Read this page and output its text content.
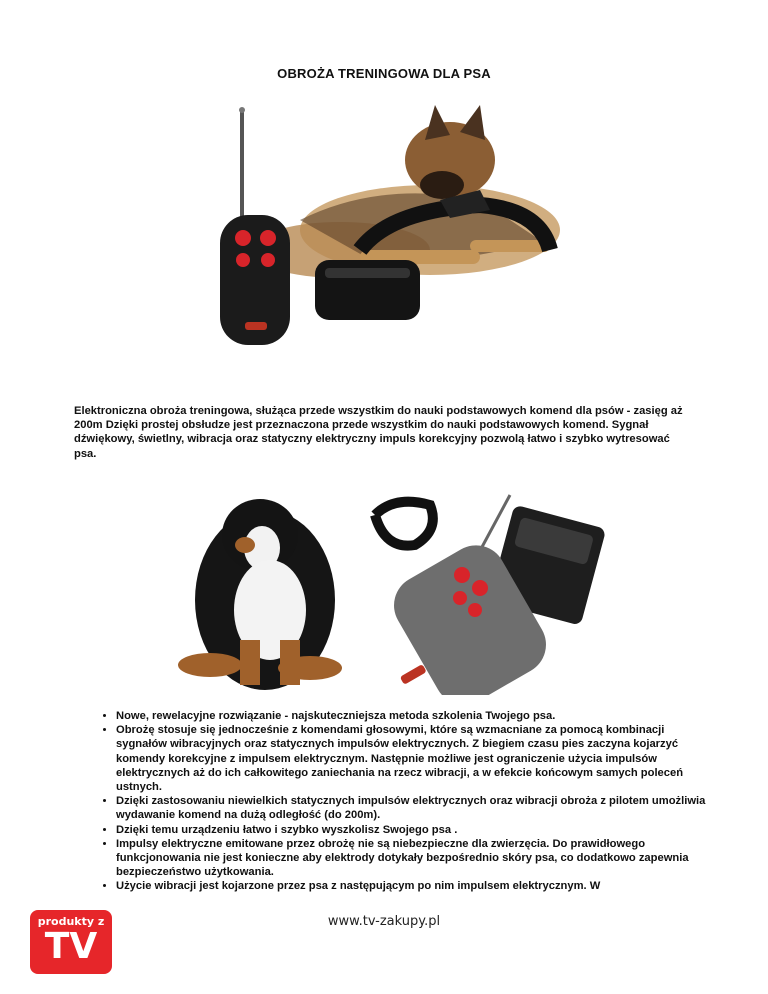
OBROŻA TRENINGOWA DLA PSA
Elektroniczna obroża treningowa, służąca przede wszystkim do nauki podstawowych komend dla psów - zasięg aż 200m Dzięki prostej obsłudze jest przeznaczona przede wszystkim do nauki podstawowych komend. Sygnał dźwiękowy, świetlny, wibracja oraz statyczny elektryczny impuls korekcyjny pozwolą łatwo i szybko wytresować psa.
• Nowe, rewelacyjne rozwiązanie - najskuteczniejsza metoda szkolenia Twojego psa.
• Obrożę stosuje się jednocześnie z komendami głosowymi, które są wzmacniane za pomocą kombinacji sygnałów wibracyjnych oraz statycznych impulsów elektrycznych. Z biegiem czasu pies zaczyna kojarzyć komendy korekcyjne z impulsem elektrycznym. Następnie możliwe jest ograniczenie użycia impulsów elektrycznych aż do ich całkowitego zaniechania na rzecz wibracji, a w efekcie końcowym samych poleceń ustnych.
• Dzięki zastosowaniu niewielkich statycznych impulsów elektrycznych oraz wibracji obroża z pilotem umożliwia wydawanie komend na dużą odległość (do 200m).
• Dzięki temu urządzeniu łatwo i szybko wyszkolisz Swojego psa .
• Impulsy elektryczne emitowane przez obrożę nie są niebezpieczne dla zwierzęcia. Do prawidłowego funkcjonowania nie jest konieczne aby elektrody dotykały bezpośrednio skóry psa, co dodatkowo zapewnia bezpieczeństwo użytkowania.
• Użycie wibracji jest kojarzone przez psa z następującym po nim impulsem elektrycznym. W
produkty z
TV
www.tv-zakupy.pl
